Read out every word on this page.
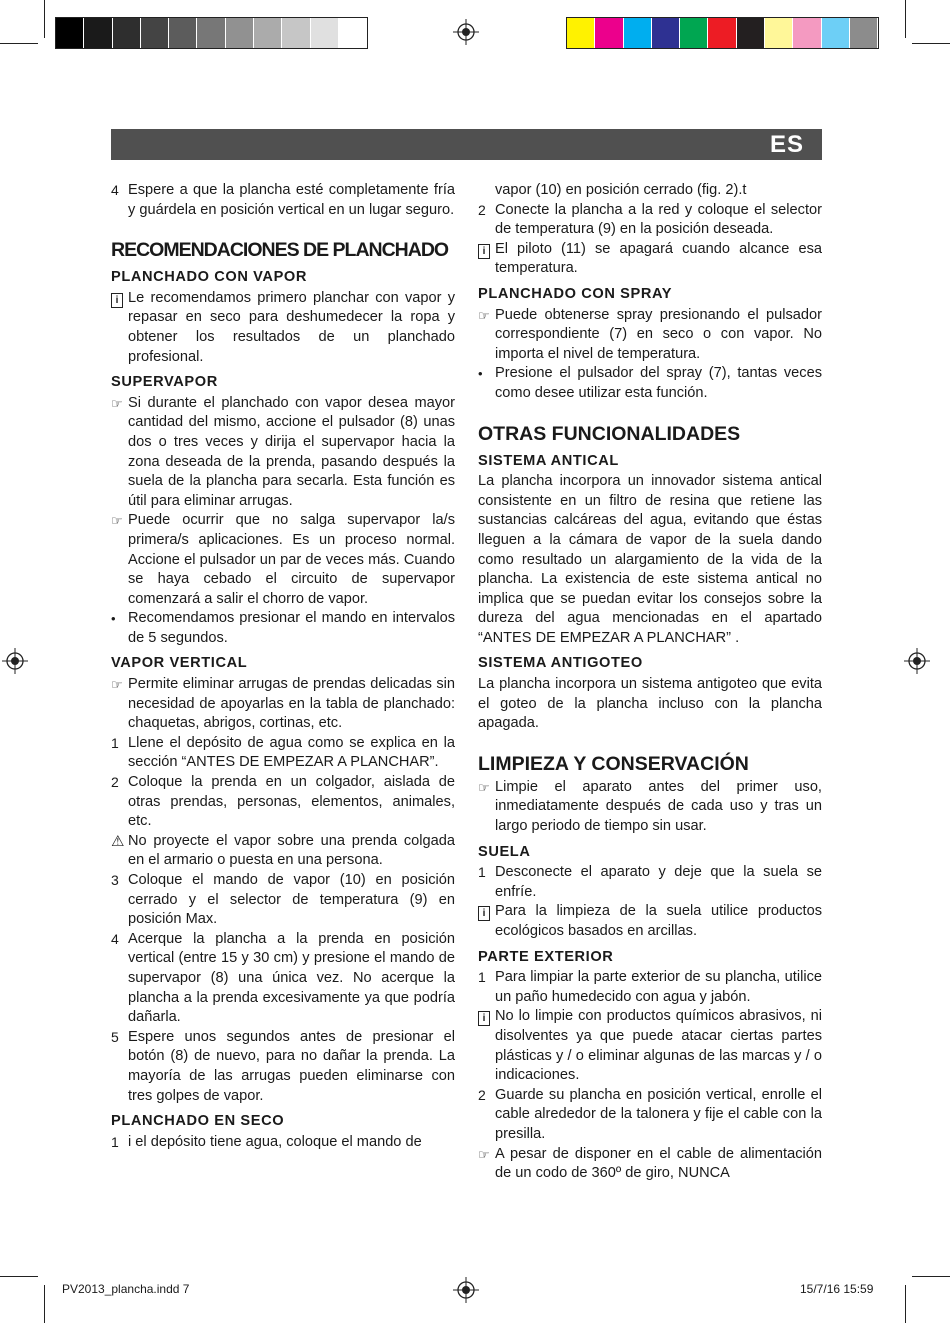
ES
4 Espere a que la plancha esté completamente fría y guárdela en posición vertical en un lugar seguro.
RECOMENDACIONES DE PLANCHADO
PLANCHADO CON VAPOR
i Le recomendamos primero planchar con vapor y repasar en seco para deshumedecer la ropa y obtener los resultados de un planchado profesional.
SUPERVAPOR
☞ Si durante el planchado con vapor desea mayor cantidad del mismo, accione el pulsador (8) unas dos o tres veces y dirija el supervapor hacia la zona deseada de la prenda, pasando después la suela de la plancha para secarla. Esta función es útil para eliminar arrugas.
☞ Puede ocurrir que no salga supervapor la/s primera/s aplicaciones. Es un proceso normal. Accione el pulsador un par de veces más. Cuando se haya cebado el circuito de supervapor comenzará a salir el chorro de vapor.
• Recomendamos presionar el mando en intervalos de 5 segundos.
VAPOR VERTICAL
☞ Permite eliminar arrugas de prendas delicadas sin necesidad de apoyarlas en la tabla de planchado: chaquetas, abrigos, cortinas, etc.
1 Llene el depósito de agua como se explica en la sección “ANTES DE EMPEZAR A PLANCHAR”.
2 Coloque la prenda en un colgador, aislada de otras prendas, personas, elementos, animales, etc.
⚠ No proyecte el vapor sobre una prenda colgada en el armario o puesta en una persona.
3 Coloque el mando de vapor (10) en posición cerrado y el selector de temperatura (9) en posición Max.
4 Acerque la plancha a la prenda en posición vertical (entre 15 y 30 cm) y presione el mando de supervapor (8) una única vez. No acerque la plancha a la prenda excesivamente ya que podría dañarla.
5 Espere unos segundos antes de presionar el botón (8) de nuevo, para no dañar la prenda. La mayoría de las arrugas pueden eliminarse con tres golpes de vapor.
PLANCHADO EN SECO
1 i el depósito tiene agua, coloque el mando de
vapor (10) en posición cerrado (fig. 2).t
2 Conecte la plancha a la red y coloque el selector de temperatura (9) en la posición deseada.
i El piloto (11) se apagará cuando alcance esa temperatura.
PLANCHADO CON SPRAY
☞ Puede obtenerse spray presionando el pulsador correspondiente (7) en seco o con vapor. No importa el nivel de temperatura.
• Presione el pulsador del spray (7), tantas veces como desee utilizar esta función.
OTRAS FUNCIONALIDADES
SISTEMA ANTICAL
La plancha incorpora un innovador sistema antical consistente en un filtro de resina que retiene las sustancias calcáreas del agua, evitando que éstas lleguen a la cámara de vapor de la suela dando como resultado un alargamiento de la vida de la plancha. La existencia de este sistema antical no implica que se puedan evitar los consejos sobre la dureza del agua mencionadas en el apartado “ANTES DE EMPEZAR A PLANCHAR” .
SISTEMA ANTIGOTEO
La plancha incorpora un sistema antigoteo que evita el goteo de la plancha incluso con la plancha apagada.
LIMPIEZA Y CONSERVACIÓN
☞ Limpie el aparato antes del primer uso, inmediatamente después de cada uso y tras un largo periodo de tiempo sin usar.
SUELA
1 Desconecte el aparato y deje que la suela se enfríe.
i Para la limpieza de la suela utilice productos ecológicos basados en arcillas.
PARTE EXTERIOR
1 Para limpiar la parte exterior de su plancha, utilice un paño humedecido con agua y jabón.
i No lo limpie con productos químicos abrasivos, ni disolventes ya que puede atacar ciertas partes plásticas y / o eliminar algunas de las marcas y / o indicaciones.
2 Guarde su plancha en posición vertical, enrolle el cable alrededor de la talonera y fije el cable con la presilla.
☞ A pesar de disponer en el cable de alimentación de un codo de 360º de giro, NUNCA
PV2013_plancha.indd 7	15/7/16 15:59
